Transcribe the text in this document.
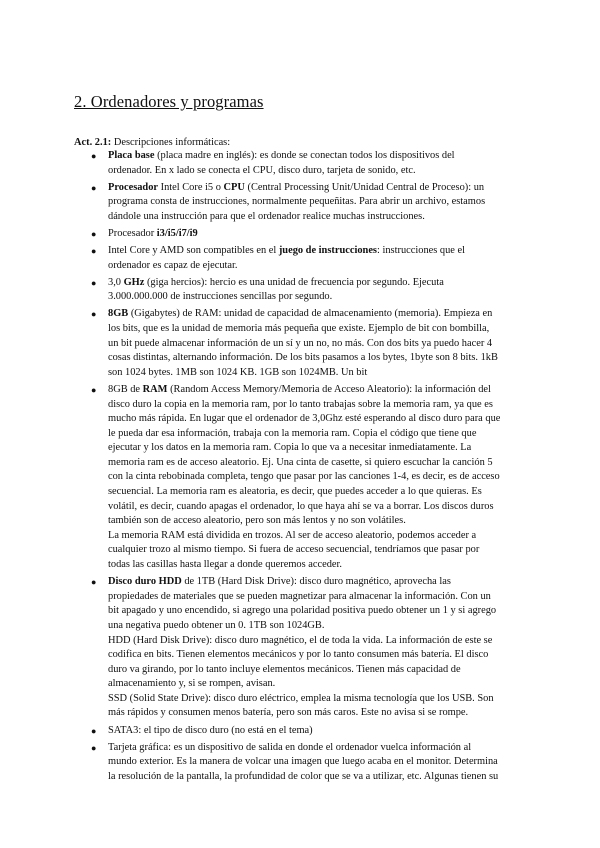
2. Ordenadores y programas
Act. 2.1: Descripciones informáticas:
● Placa base (placa madre en inglés): es donde se conectan todos los dispositivos del
ordenador. En x lado se conecta el CPU, disco duro, tarjeta de sonido, etc.
● Procesador Intel Core i5 o CPU (Central Processing Unit/Unidad Central de Proceso): un
programa consta de instrucciones, normalmente pequeñitas. Para abrir un archivo, estamos
dándole una instrucción para que el ordenador realice muchas instrucciones.
● Procesador i3/i5/i7/i9
● Intel Core y AMD son compatibles en el juego de instrucciones: instrucciones que el
ordenador es capaz de ejecutar.
● 3,0 GHz (giga hercios): hercio es una unidad de frecuencia por segundo. Ejecuta
3.000.000.000 de instrucciones sencillas por segundo.
● 8GB (Gigabytes) de RAM: unidad de capacidad de almacenamiento (memoria). Empieza en
los bits, que es la unidad de memoria más pequeña que existe. Ejemplo de bit con bombilla,
un bit puede almacenar información de un sí y un no, no más. Con dos bits ya puedo hacer 4
cosas distintas, alternando información. De los bits pasamos a los bytes, 1byte son 8 bits. 1kB
son 1024 bytes. 1MB son 1024 KB. 1GB son 1024MB. Un bit
● 8GB de RAM (Random Access Memory/Memoria de Acceso Aleatorio): la información del
disco duro la copia en la memoria ram, por lo tanto trabajas sobre la memoria ram, ya que es
mucho más rápida. En lugar que el ordenador de 3,0Ghz esté esperando al disco duro para que
le pueda dar esa información, trabaja con la memoria ram. Copia el código que tiene que
ejecutar y los datos en la memoria ram. Copia lo que va a necesitar inmediatamente. La
memoria ram es de acceso aleatorio. Ej. Una cinta de casette, si quiero escuchar la canción 5
con la cinta rebobinada completa, tengo que pasar por las canciones 1-4, es decir, es de acceso
secuencial. La memoria ram es aleatoria, es decir, que puedes acceder a lo que quieras. Es
volátil, es decir, cuando apagas el ordenador, lo que haya ahí se va a borrar. Los discos duros
también son de acceso aleatorio, pero son más lentos y no son volátiles.
La memoria RAM está dividida en trozos. Al ser de acceso aleatorio, podemos acceder a
cualquier trozo al mismo tiempo. Si fuera de acceso secuencial, tendríamos que pasar por
todas las casillas hasta llegar a donde queremos acceder.
● Disco duro HDD de 1TB (Hard Disk Drive): disco duro magnético, aprovecha las
propiedades de materiales que se pueden magnetizar para almacenar la información. Con un
bit apagado y uno encendido, si agrego una polaridad positiva puedo obtener un 1 y si agrego
una negativa puedo obtener un 0. 1TB son 1024GB.
HDD (Hard Disk Drive): disco duro magnético, el de toda la vida. La información de este se
codifica en bits. Tienen elementos mecánicos y por lo tanto consumen más batería. El disco
duro va girando, por lo tanto incluye elementos mecánicos. Tienen más capacidad de
almacenamiento y, si se rompen, avisan.
SSD (Solid State Drive): disco duro eléctrico, emplea la misma tecnología que los USB. Son
más rápidos y consumen menos batería, pero son más caros. Este no avisa si se rompe.
● SATA3: el tipo de disco duro (no está en el tema)
● Tarjeta gráfica: es un dispositivo de salida en donde el ordenador vuelca información al
mundo exterior. Es la manera de volcar una imagen que luego acaba en el monitor. Determina
la resolución de la pantalla, la profundidad de color que se va a utilizar, etc. Algunas tienen su
